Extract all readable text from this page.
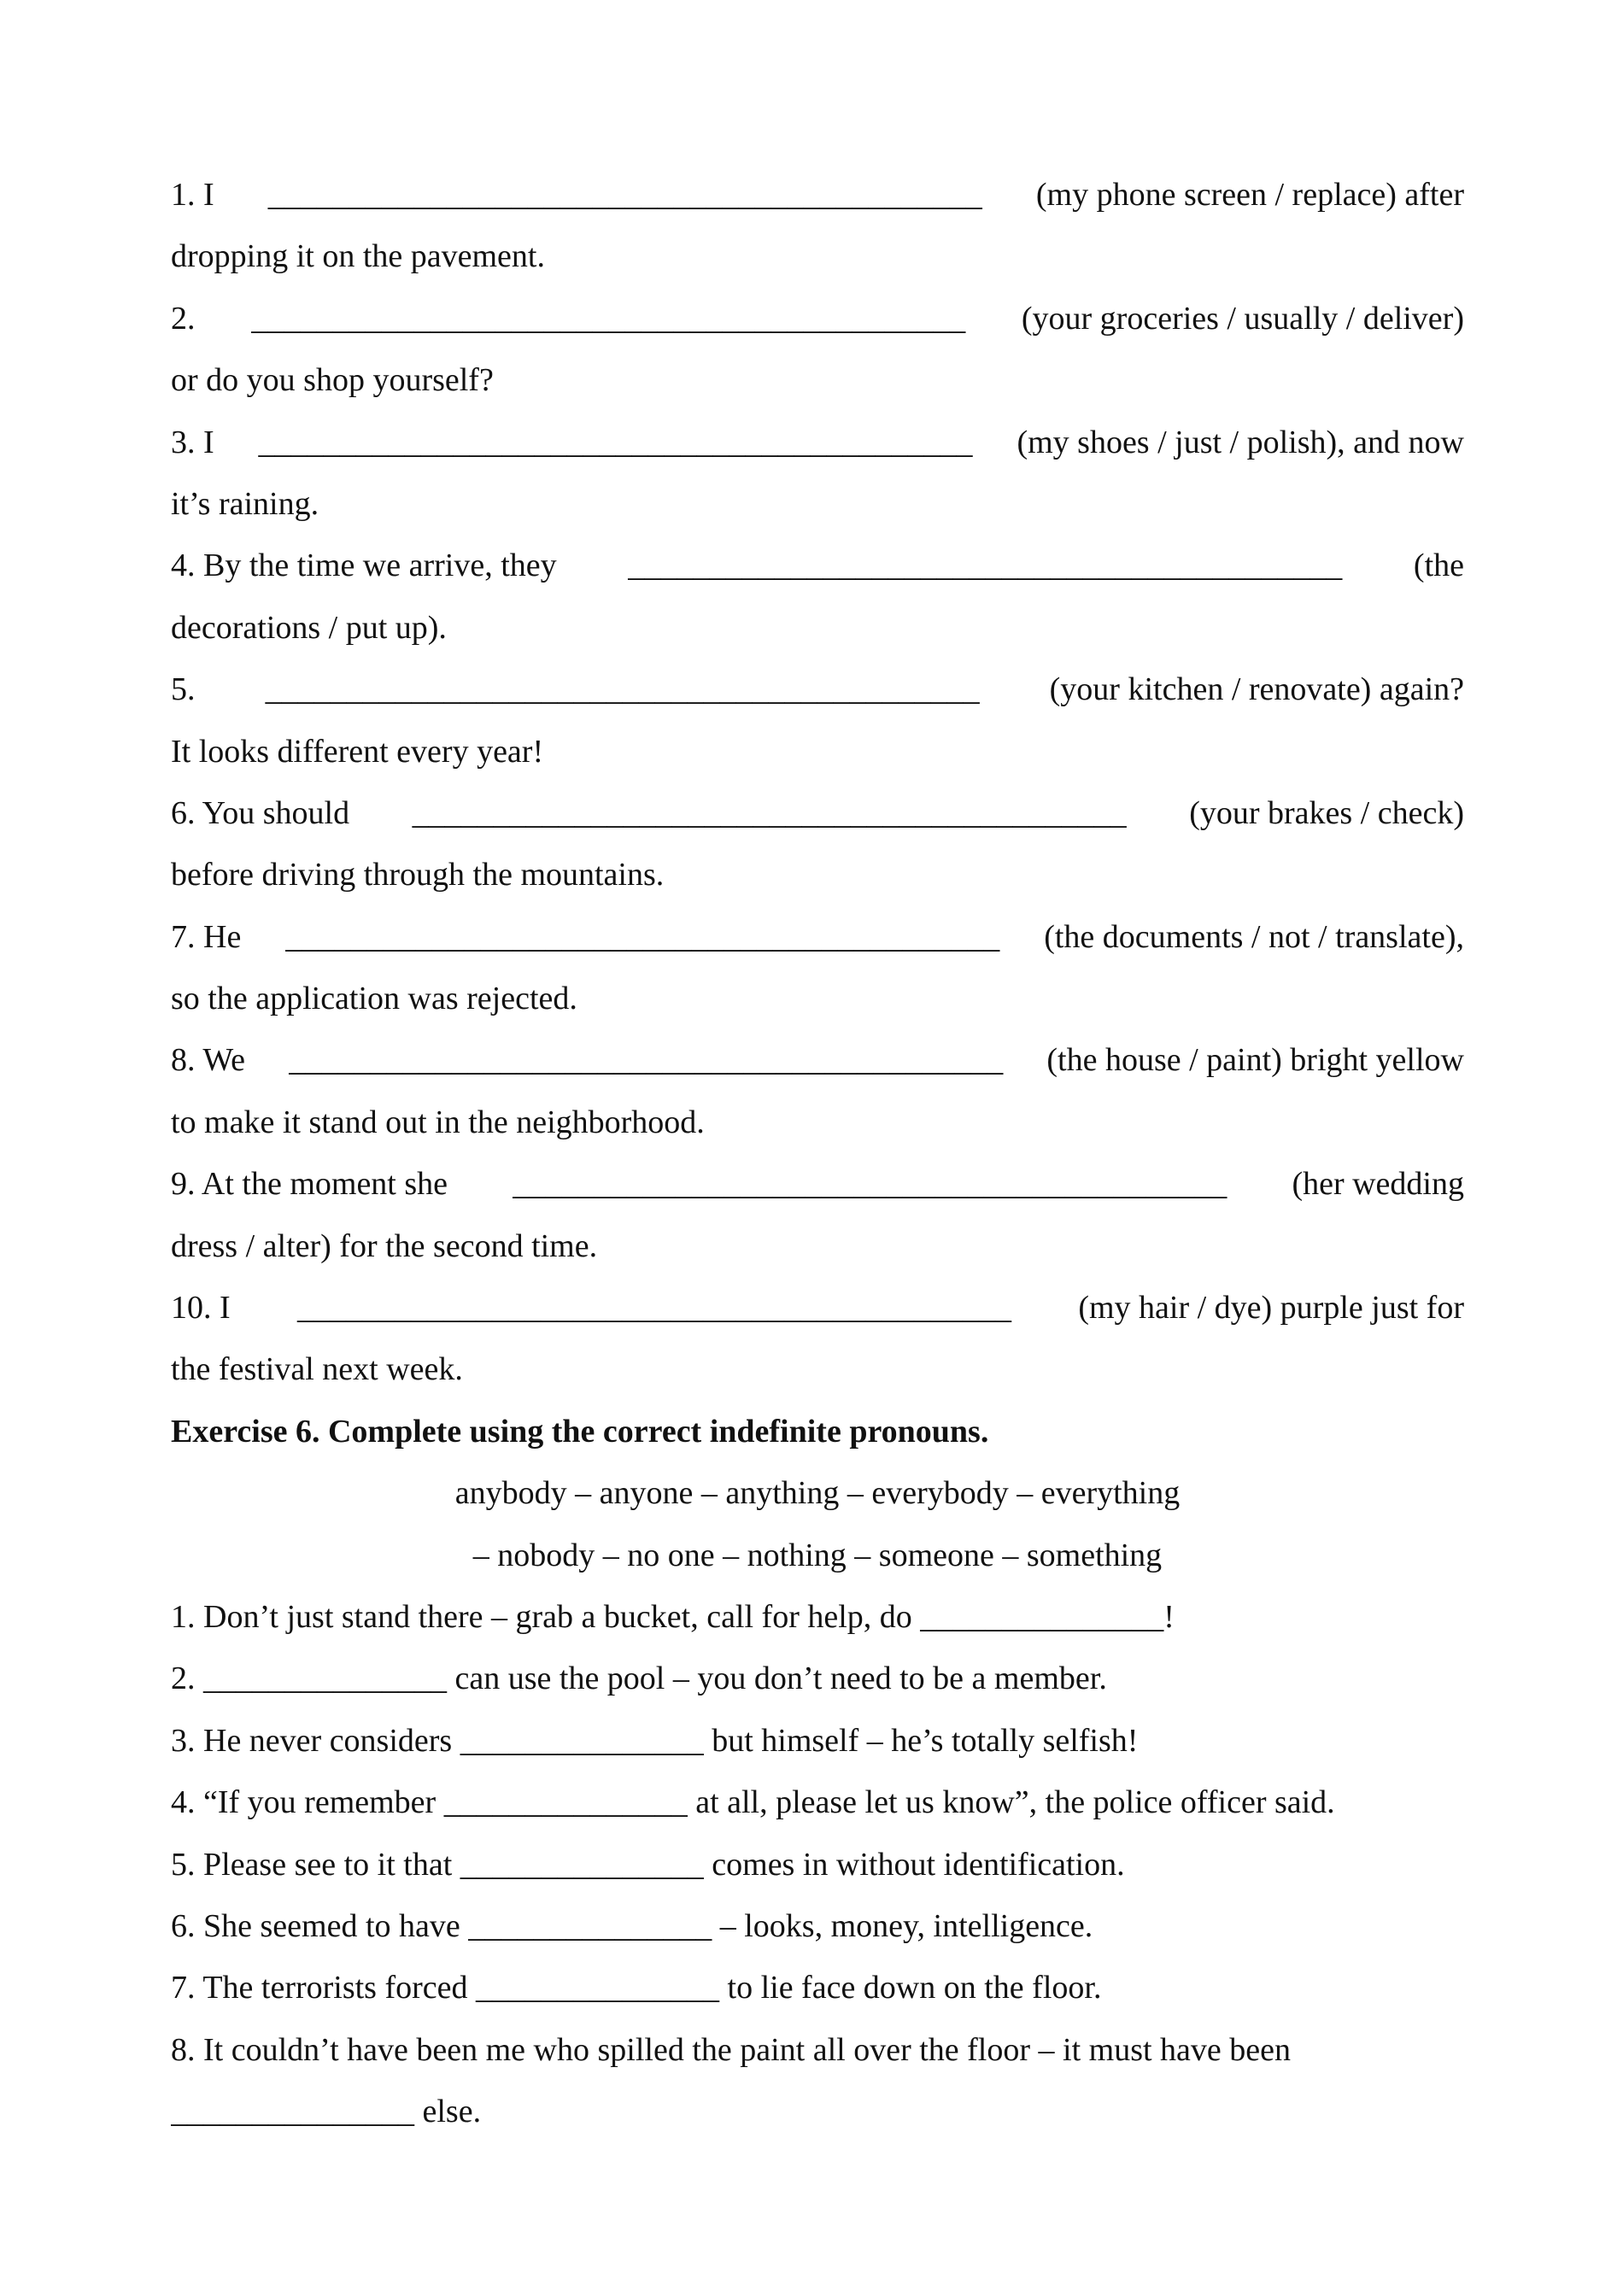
1. I ____________________________________________ (my phone screen / replace) after
dropping it on the pavement.
2. ____________________________________________ (your groceries / usually / deliver)
or do you shop yourself?
3. I ____________________________________________ (my shoes / just / polish), and now
it’s raining.
4. By the time we arrive, they ____________________________________________ (the
decorations / put up).
5. ____________________________________________ (your kitchen / renovate) again?
It looks different every year!
6. You should ____________________________________________ (your brakes / check)
before driving through the mountains.
7. He ____________________________________________ (the documents / not / translate),
so the application was rejected.
8. We ____________________________________________ (the house / paint) bright yellow
to make it stand out in the neighborhood.
9. At the moment she ____________________________________________ (her wedding
dress / alter) for the second time.
10. I ____________________________________________ (my hair / dye) purple just for
the festival next week.
Exercise 6. Complete using the correct indefinite pronouns.
anybody – anyone – anything – everybody – everything
– nobody – no one – nothing – someone – something
1. Don’t just stand there – grab a bucket, call for help, do _______________!
2. _______________ can use the pool – you don’t need to be a member.
3. He never considers _______________ but himself – he’s totally selfish!
4. “If you remember _______________ at all, please let us know”, the police officer said.
5. Please see to it that _______________ comes in without identification.
6. She seemed to have _______________ – looks, money, intelligence.
7. The terrorists forced _______________ to lie face down on the floor.
8. It couldn’t have been me who spilled the paint all over the floor – it must have been
_______________ else.
